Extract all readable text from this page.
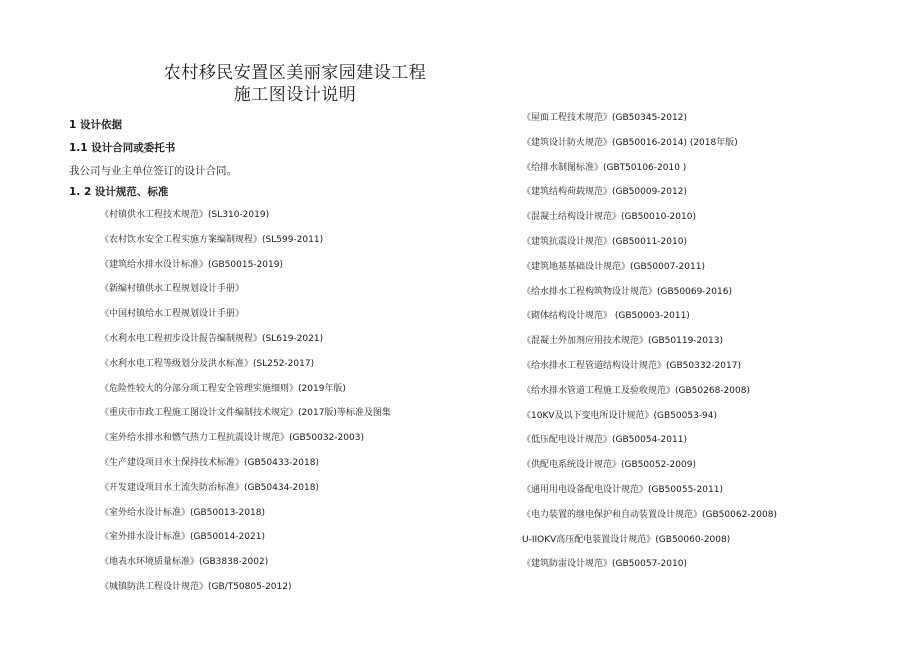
农村移民安置区美丽家园建设工程
施工图设计说明
1 设计依据
1.1 设计合同或委托书
我公司与业主单位签订的设计合同。
1. 2 设计规范、标准
《村镇供水工程技术规范》(SL310-2019)
《农村饮水安全工程实施方案编制规程》(SL599-2011)
《建筑给水排水设计标准》(GB50015-2019)
《新编村镇供水工程规划设计手册》
《中国村镇给水工程规划设计手册》
《水利水电工程初步设计报告编制规程》(SL619-2021)
《水利水电工程等级划分及洪水标准》(SL252-2017)
《危险性较大的分部分项工程安全管理实施细则》(2019年版)
《重庆市市政工程施工图设计文件编制技术规定》(2017版)等标准及图集
《室外给水排水和燃气热力工程抗震设计规范》(GB50032-2003)
《生产建设项目水土保持技术标准》(GB50433-2018)
《开发建设项目水土流失防治标准》(GB50434-2018)
《室外给水设计标准》(GB50013-2018)
《室外排水设计标准》(GB50014-2021)
《地表水环境质量标准》(GB3838-2002)
《城镇防洪工程设计规范》(GB/T50805-2012)
《屋面工程技术规范》(GB50345-2012)
《建筑设计防火规范》(GB50016-2014) (2018年版)
《给排水制图标准》(GBT50106-2010 )
《建筑结构荷载规范》(GB50009-2012)
《混凝土结构设计规范》(GB50010-2010)
《建筑抗震设计规范》(GB50011-2010)
《建筑地基基础设计规范》(GB50007-2011)
《给水排水工程构筑物设计规范》(GB50069-2016)
《砌体结构设计规范》 (GB50003-2011)
《混凝土外加剂应用技术规范》(GB50119-2013)
《给水排水工程管道结构设计规范》(GB50332-2017)
《给水排水管道工程施工及验收规范》(GB50268-2008)
《10KV及以下变电所设计规范》(GB50053-94)
《低压配电设计规范》(GB50054-2011)
《供配电系统设计规范》(GB50052-2009)
《通用用电设备配电设计规范》(GB50055-2011)
《电力装置的继电保护和自动装置设计规范》(GB50062-2008)
U-IIOKV高压配电装置设计规范》(GB50060-2008)
《建筑防雷设计规范》(GB50057-2010)
